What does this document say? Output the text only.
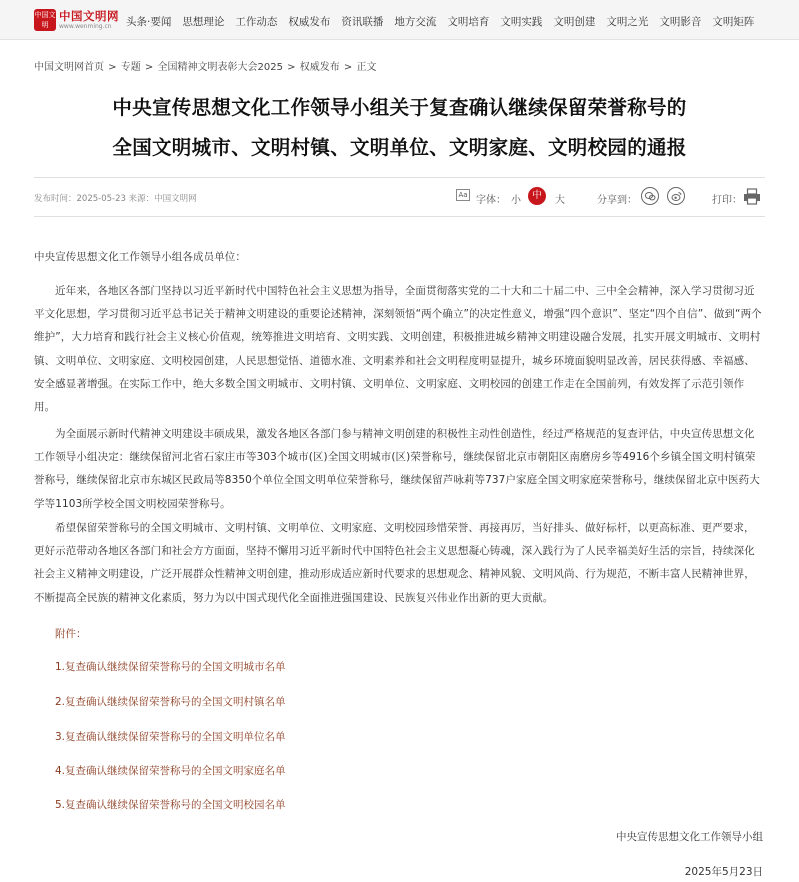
中国文明
中国文明网
www.wenming.cn 头条·要闻 思想理论 工作动态 权威发布 资讯联播 地方交流 文明培育 文明实践 文明创建 文明之光 文明影音 文明矩阵
中国文明网首页 > 专题 > 全国精神文明表彰大会2025 > 权威发布 > 正文
中央宣传思想文化工作领导小组关于复查确认继续保留荣誉称号的
全国文明城市、文明村镇、文明单位、文明家庭、文明校园的通报
发布时间：2025-05-23 来源：中国文明网	Aa 字体： 小	中	大	分享到：	打印：
中央宣传思想文化工作领导小组各成员单位：
近年来，各地区各部门坚持以习近平新时代中国特色社会主义思想为指导，全面贯彻落实党的二十大和二十届二中、三中全会精神，深入学习贯彻习近平文化思想，学习贯彻习近平总书记关于精神文明建设的重要论述精神，深刻领悟“两个确立”的决定性意义，增强“四个意识”、坚定“四个自信”、做到“两个维护”，大力培育和践行社会主义核心价值观，统筹推进文明培育、文明实践、文明创建，积极推进城乡精神文明建设融合发展，扎实开展文明城市、文明村镇、文明单位、文明家庭、文明校园创建，人民思想觉悟、道德水准、文明素养和社会文明程度明显提升，城乡环境面貌明显改善，居民获得感、幸福感、安全感显著增强。在实际工作中，绝大多数全国文明城市、文明村镇、文明单位、文明家庭、文明校园的创建工作走在全国前列，有效发挥了示范引领作用。
为全面展示新时代精神文明建设丰硕成果，激发各地区各部门参与精神文明创建的积极性主动性创造性，经过严格规范的复查评估，中央宣传思想文化工作领导小组决定：继续保留河北省石家庄市等303个城市(区)全国文明城市(区)荣誉称号，继续保留北京市朝阳区南磨房乡等4916个乡镇全国文明村镇荣誉称号，继续保留北京市东城区民政局等8350个单位全国文明单位荣誉称号，继续保留芦咏莉等737户家庭全国文明家庭荣誉称号，继续保留北京中医药大学等1103所学校全国文明校园荣誉称号。
希望保留荣誉称号的全国文明城市、文明村镇、文明单位、文明家庭、文明校园珍惜荣誉、再接再厉，当好排头、做好标杆，以更高标准、更严要求，更好示范带动各地区各部门和社会方方面面，坚持不懈用习近平新时代中国特色社会主义思想凝心铸魂，深入践行为了人民幸福美好生活的宗旨，持续深化社会主义精神文明建设，广泛开展群众性精神文明创建，推动形成适应新时代要求的思想观念、精神风貌、文明风尚、行为规范，不断丰富人民精神世界，不断提高全民族的精神文化素质，努力为以中国式现代化全面推进强国建设、民族复兴伟业作出新的更大贡献。
附件：
1.复查确认继续保留荣誉称号的全国文明城市名单
2.复查确认继续保留荣誉称号的全国文明村镇名单
3.复查确认继续保留荣誉称号的全国文明单位名单
4.复查确认继续保留荣誉称号的全国文明家庭名单
5.复查确认继续保留荣誉称号的全国文明校园名单
中央宣传思想文化工作领导小组
2025年5月23日
